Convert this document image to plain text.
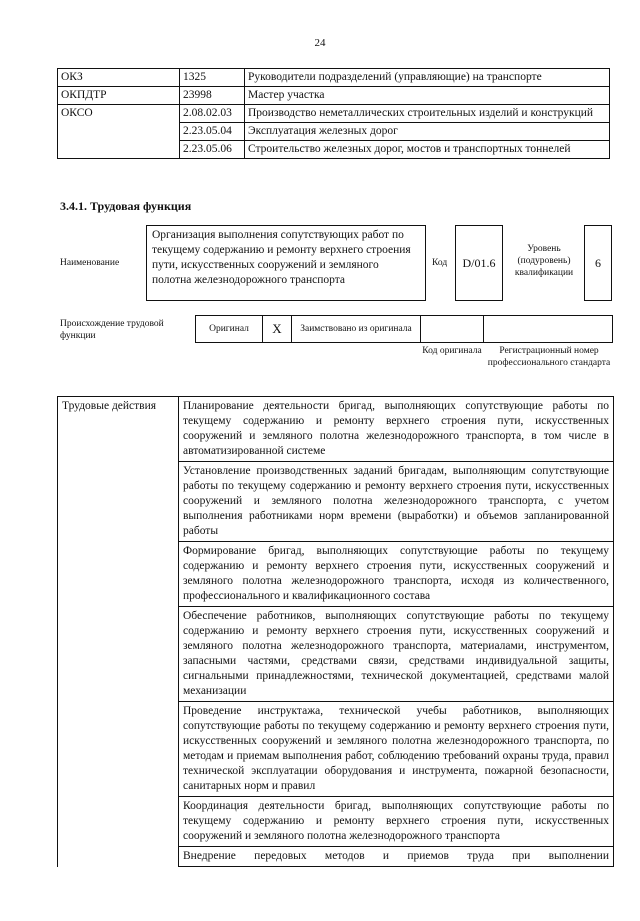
24
ОКЗ	1325	Руководители подразделений (управляющие) на транспорте
ОКПДТР	23998	Мастер участка
ОКСО	2.08.02.03	Производство неметаллических строительных изделий и конструкций
	2.23.05.04	Эксплуатация железных дорог
	2.23.05.06	Строительство железных дорог, мостов и транспортных тоннелей
3.4.1. Трудовая функция
Наименование
Организация выполнения сопутствующих работ по текущему содержанию и ремонту верхнего строения пути, искусственных сооружений и земляного полотна железнодорожного транспорта
Код	D/01.6
Уровень (подуровень) квалификации
6
Происхождение трудовой функции
Оригинал	X	Заимствовано из оригинала
Код оригинала	Регистрационный номер профессионального стандарта
Трудовые действия	Планирование деятельности бригад, выполняющих сопутствующие работы по текущему содержанию и ремонту верхнего строения пути, искусственных сооружений и земляного полотна железнодорожного транспорта, в том числе в автоматизированной системе
	Установление производственных заданий бригадам, выполняющим сопутствующие работы по текущему содержанию и ремонту верхнего строения пути, искусственных сооружений и земляного полотна железнодорожного транспорта, с учетом выполнения работниками норм времени (выработки) и объемов запланированной работы
	Формирование бригад, выполняющих сопутствующие работы по текущему содержанию и ремонту верхнего строения пути, искусственных сооружений и земляного полотна железнодорожного транспорта, исходя из количественного, профессионального и квалификационного состава
	Обеспечение работников, выполняющих сопутствующие работы по текущему содержанию и ремонту верхнего строения пути, искусственных сооружений и земляного полотна железнодорожного транспорта, материалами, инструментом, запасными частями, средствами связи, средствами индивидуальной защиты, сигнальными принадлежностями, технической документацией, средствами малой механизации
	Проведение инструктажа, технической учебы работников, выполняющих сопутствующие работы по текущему содержанию и ремонту верхнего строения пути, искусственных сооружений и земляного полотна железнодорожного транспорта, по методам и приемам выполнения работ, соблюдению требований охраны труда, правил технической эксплуатации оборудования и инструмента, пожарной безопасности, санитарных норм и правил
	Координация деятельности бригад, выполняющих сопутствующие работы по текущему содержанию и ремонту верхнего строения пути, искусственных сооружений и земляного полотна железнодорожного транспорта
	Внедрение передовых методов и приемов труда при выполнении
